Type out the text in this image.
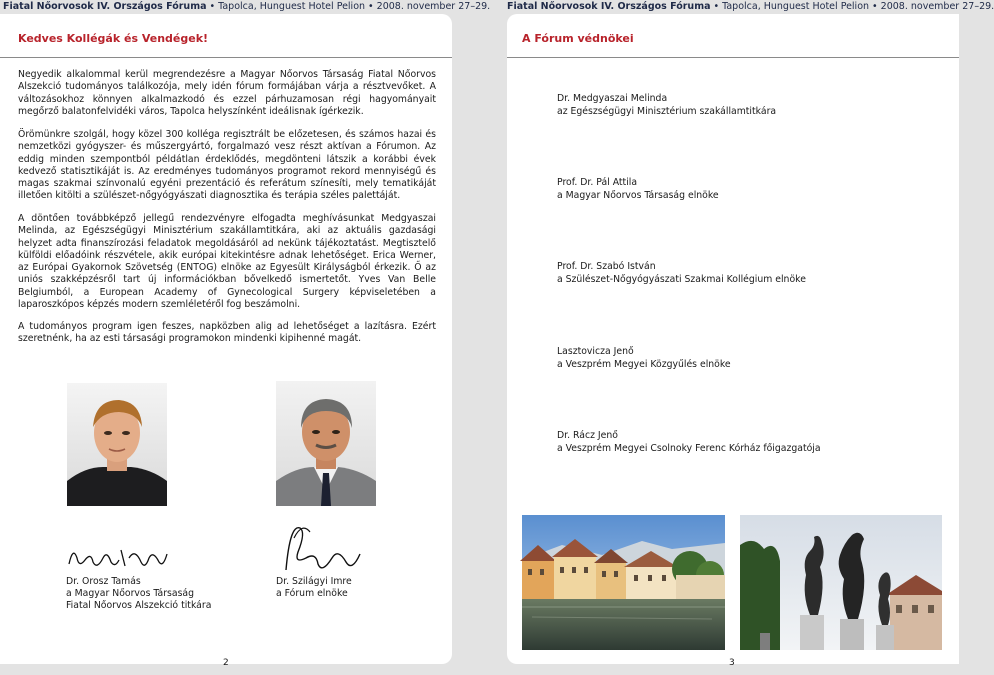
Fiatal Nőorvosok IV. Országos Fóruma • Tapolca, Hunguest Hotel Pelion • 2008. november 27–29. Fiatal Nőorvosok IV. Országos Fóruma • Tapolca, Hunguest Hotel Pelion • 2008. november 27–29.
Kedves Kollégák és Vendégek!

Negyedik alkalommal kerül megrendezésre a Magyar Nőorvos Társaság Fiatal Nőorvos Alszekció tudományos találkozója, mely idén fórum formájában várja a résztvevőket. A változásokhoz könnyen alkalmazkodó és ezzel párhuzamosan régi hagyományait megőrző balatonfelvidéki város, Tapolca helyszínként ideálisnak ígérkezik.

Örömünkre szolgál, hogy közel 300 kolléga regisztrált be előzetesen, és számos hazai és nemzetközi gyógyszer- és műszergyártó, forgalmazó vesz részt aktívan a Fórumon. Az eddig minden szempontból példátlan érdeklődés, megdönteni látszik a korábbi évek kedvező statisztikáját is. Az eredményes tudományos programot rekord mennyiségű és magas szakmai színvonalú egyéni prezentáció és referátum színesíti, mely tematikáját illetően kitölti a szülészet-nőgyógyászati diagnosztika és terápia széles palettáját.

A döntően továbbképző jellegű rendezvényre elfogadta meghívásunkat Medgyaszai Melinda, az Egészségügyi Minisztérium szakállamtitkára, aki az aktuális gazdasági helyzet adta finanszírozási feladatok megoldásáról ad nekünk tájékoztatást. Megtisztelő külföldi előadóink részvétele, akik európai kitekintésre adnak lehetőséget. Erica Werner, az Európai Gyakornok Szövetség (ENTOG) elnöke az Egyesült Királyságból érkezik. Ő az uniós szakképzésről tart új információkban bővelkedő ismertetőt. Yves Van Belle Belgiumból, a European Academy of Gynecological Surgery képviseletében a laparoszkópos képzés modern szemléletéről fog beszámolni.

A tudományos program igen feszes, napközben alig ad lehetőséget a lazításra. Ezért szeretnénk, ha az esti társasági programokon mindenki kipihenné magát.

Dr. Orosz Tamás
a Magyar Nőorvos Társaság
Fiatal Nőorvos Alszekció titkára
Dr. Szilágyi Imre
a Fórum elnöke
2
A Fórum védnökei
Dr. Medgyaszai Melinda
az Egészségügyi Minisztérium szakállamtitkára
Prof. Dr. Pál Attila
a Magyar Nőorvos Társaság elnöke
Prof. Dr. Szabó István
a Szülészet-Nőgyógyászati Szakmai Kollégium elnöke
Lasztovicza Jenő
a Veszprém Megyei Közgyűlés elnöke
Dr. Rácz Jenő
a Veszprém Megyei Csolnoky Ferenc Kórház főigazgatója
3
